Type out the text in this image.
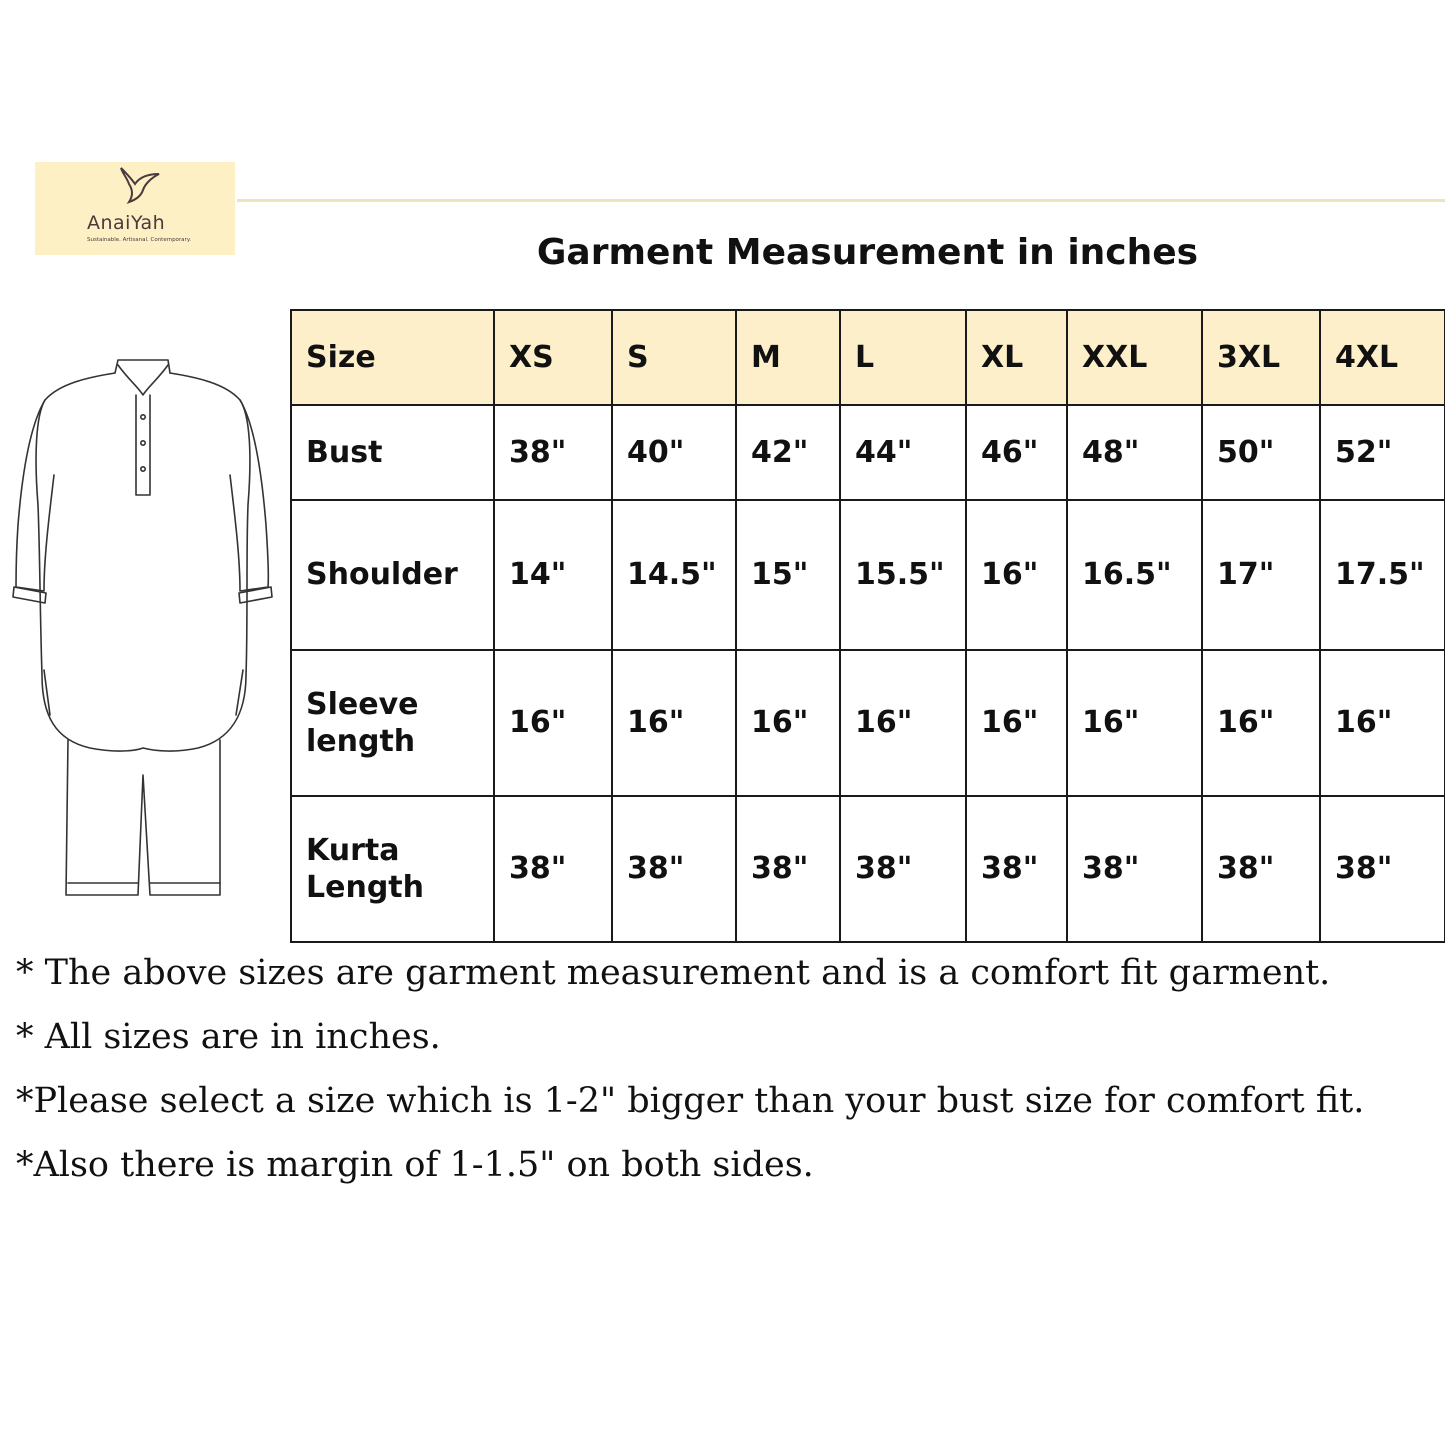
AnaiYah
Sustainable. Artisanal. Contemporary.	Garment Measurement in inches
Size	XS	S	M	L	XL	XXL	3XL	4XL
Bust	38"	40"	42"	44"	46"	48"	50"	52"
Shoulder	14"	14.5"	15"	15.5"	16"	16.5"	17"	17.5"
Sleeve length	16"	16"	16"	16"	16"	16"	16"	16"
Kurta Length	38"	38"	38"	38"	38"	38"	38"	38"
* The above sizes are garment measurement and is a comfort fit garment.
* All sizes are in inches.
*Please select a size which is 1-2" bigger than your bust size for comfort fit.
*Also there is margin of 1-1.5" on both sides.
